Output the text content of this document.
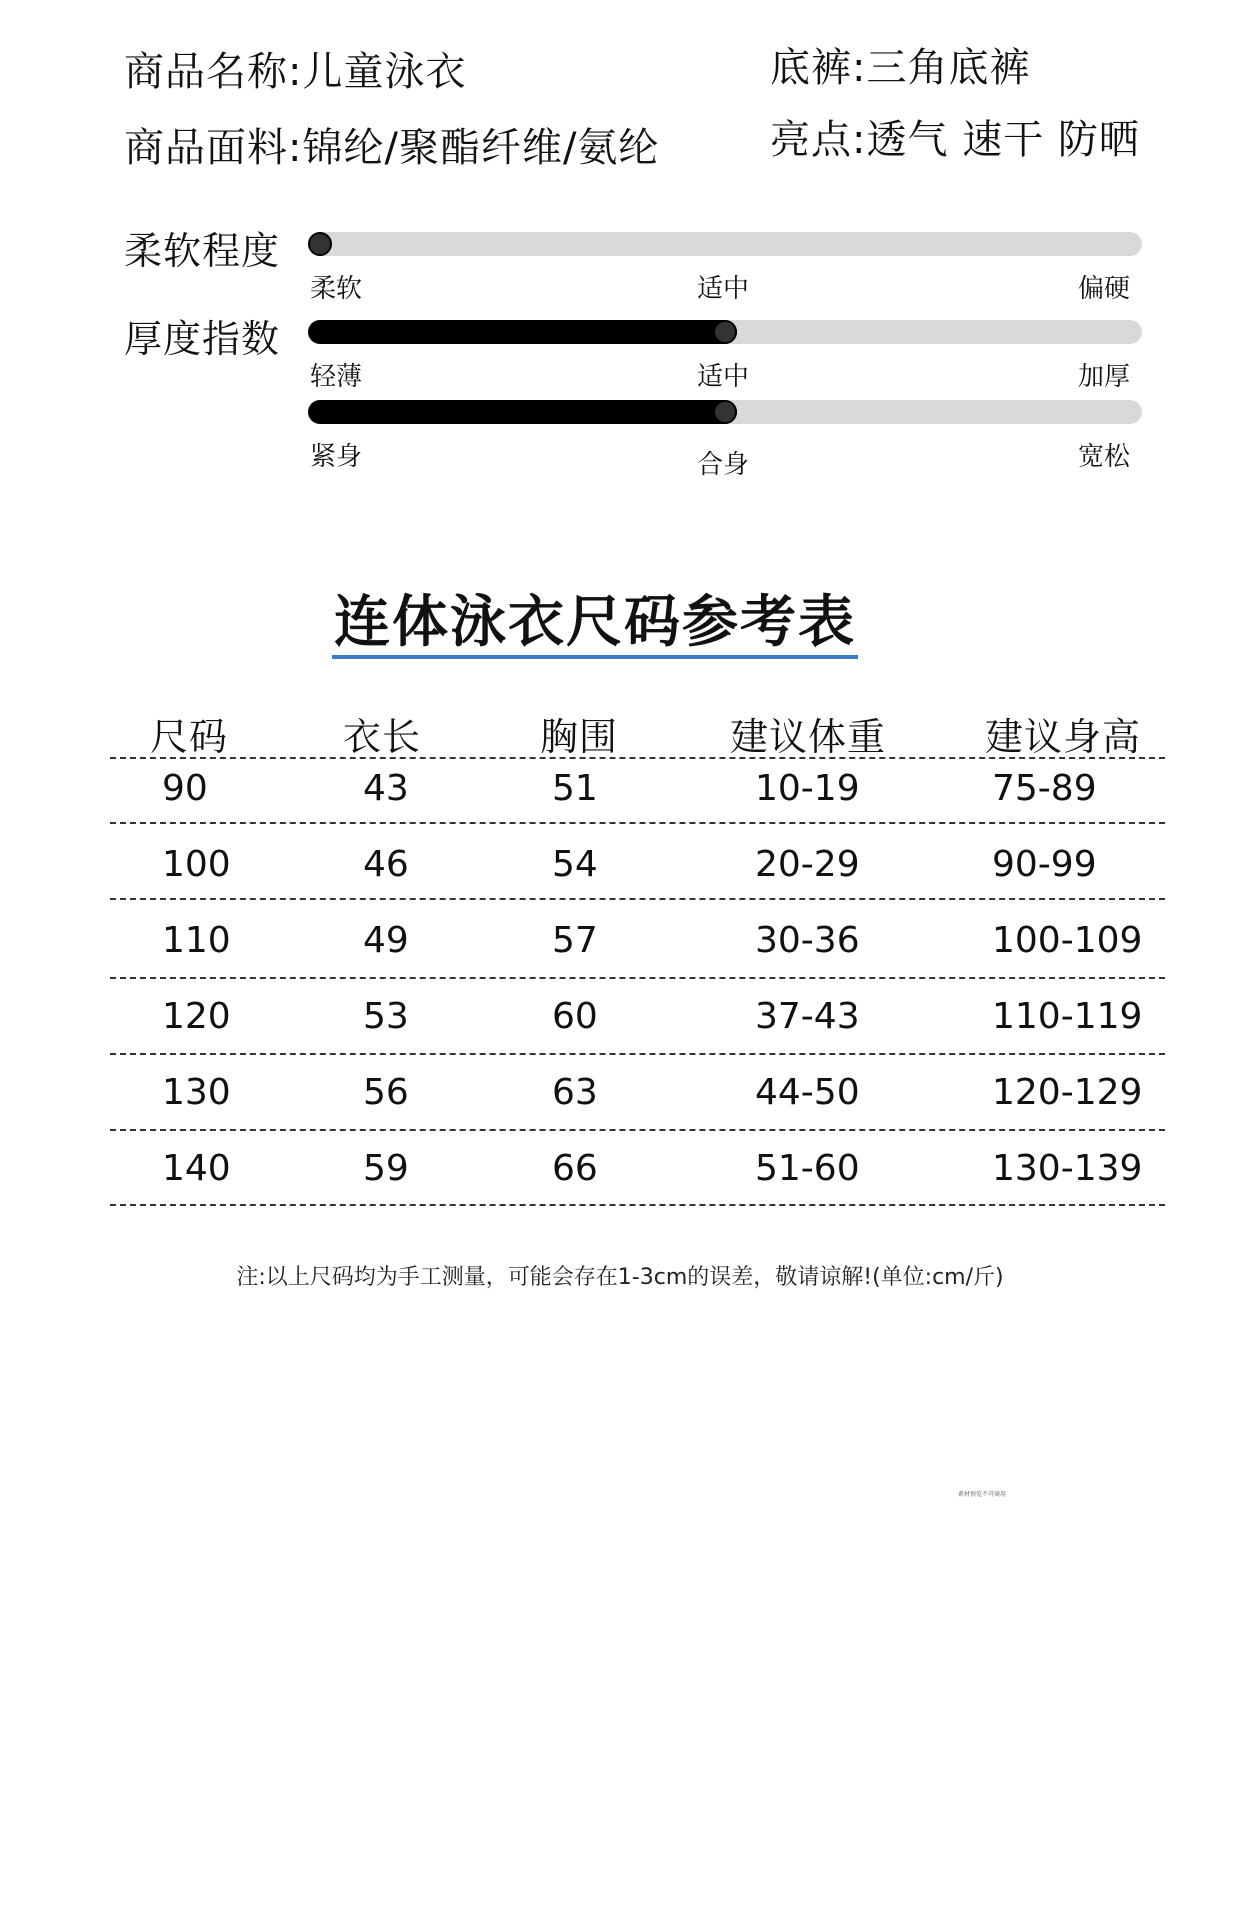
商品名称:儿童泳衣
商品面料:锦纶/聚酯纤维/氨纶
底裤:三角底裤
亮点:透气 速干 防晒
柔软程度
柔软	适中	偏硬
厚度指数
轻薄	适中	加厚
紧身	合身	宽松
连体泳衣尺码参考表
尺码	衣长	胸围	建议体重	建议身高
90	43	51	10-19	75-89
100	46	54	20-29	90-99
110	49	57	30-36	100-109
120	53	60	37-43	110-119
130	56	63	44-50	120-129
140	59	66	51-60	130-139
注:以上尺码均为手工测量，可能会存在1-3cm的误差，敬请谅解!(单位:cm/斤)
素材预览不可商用
